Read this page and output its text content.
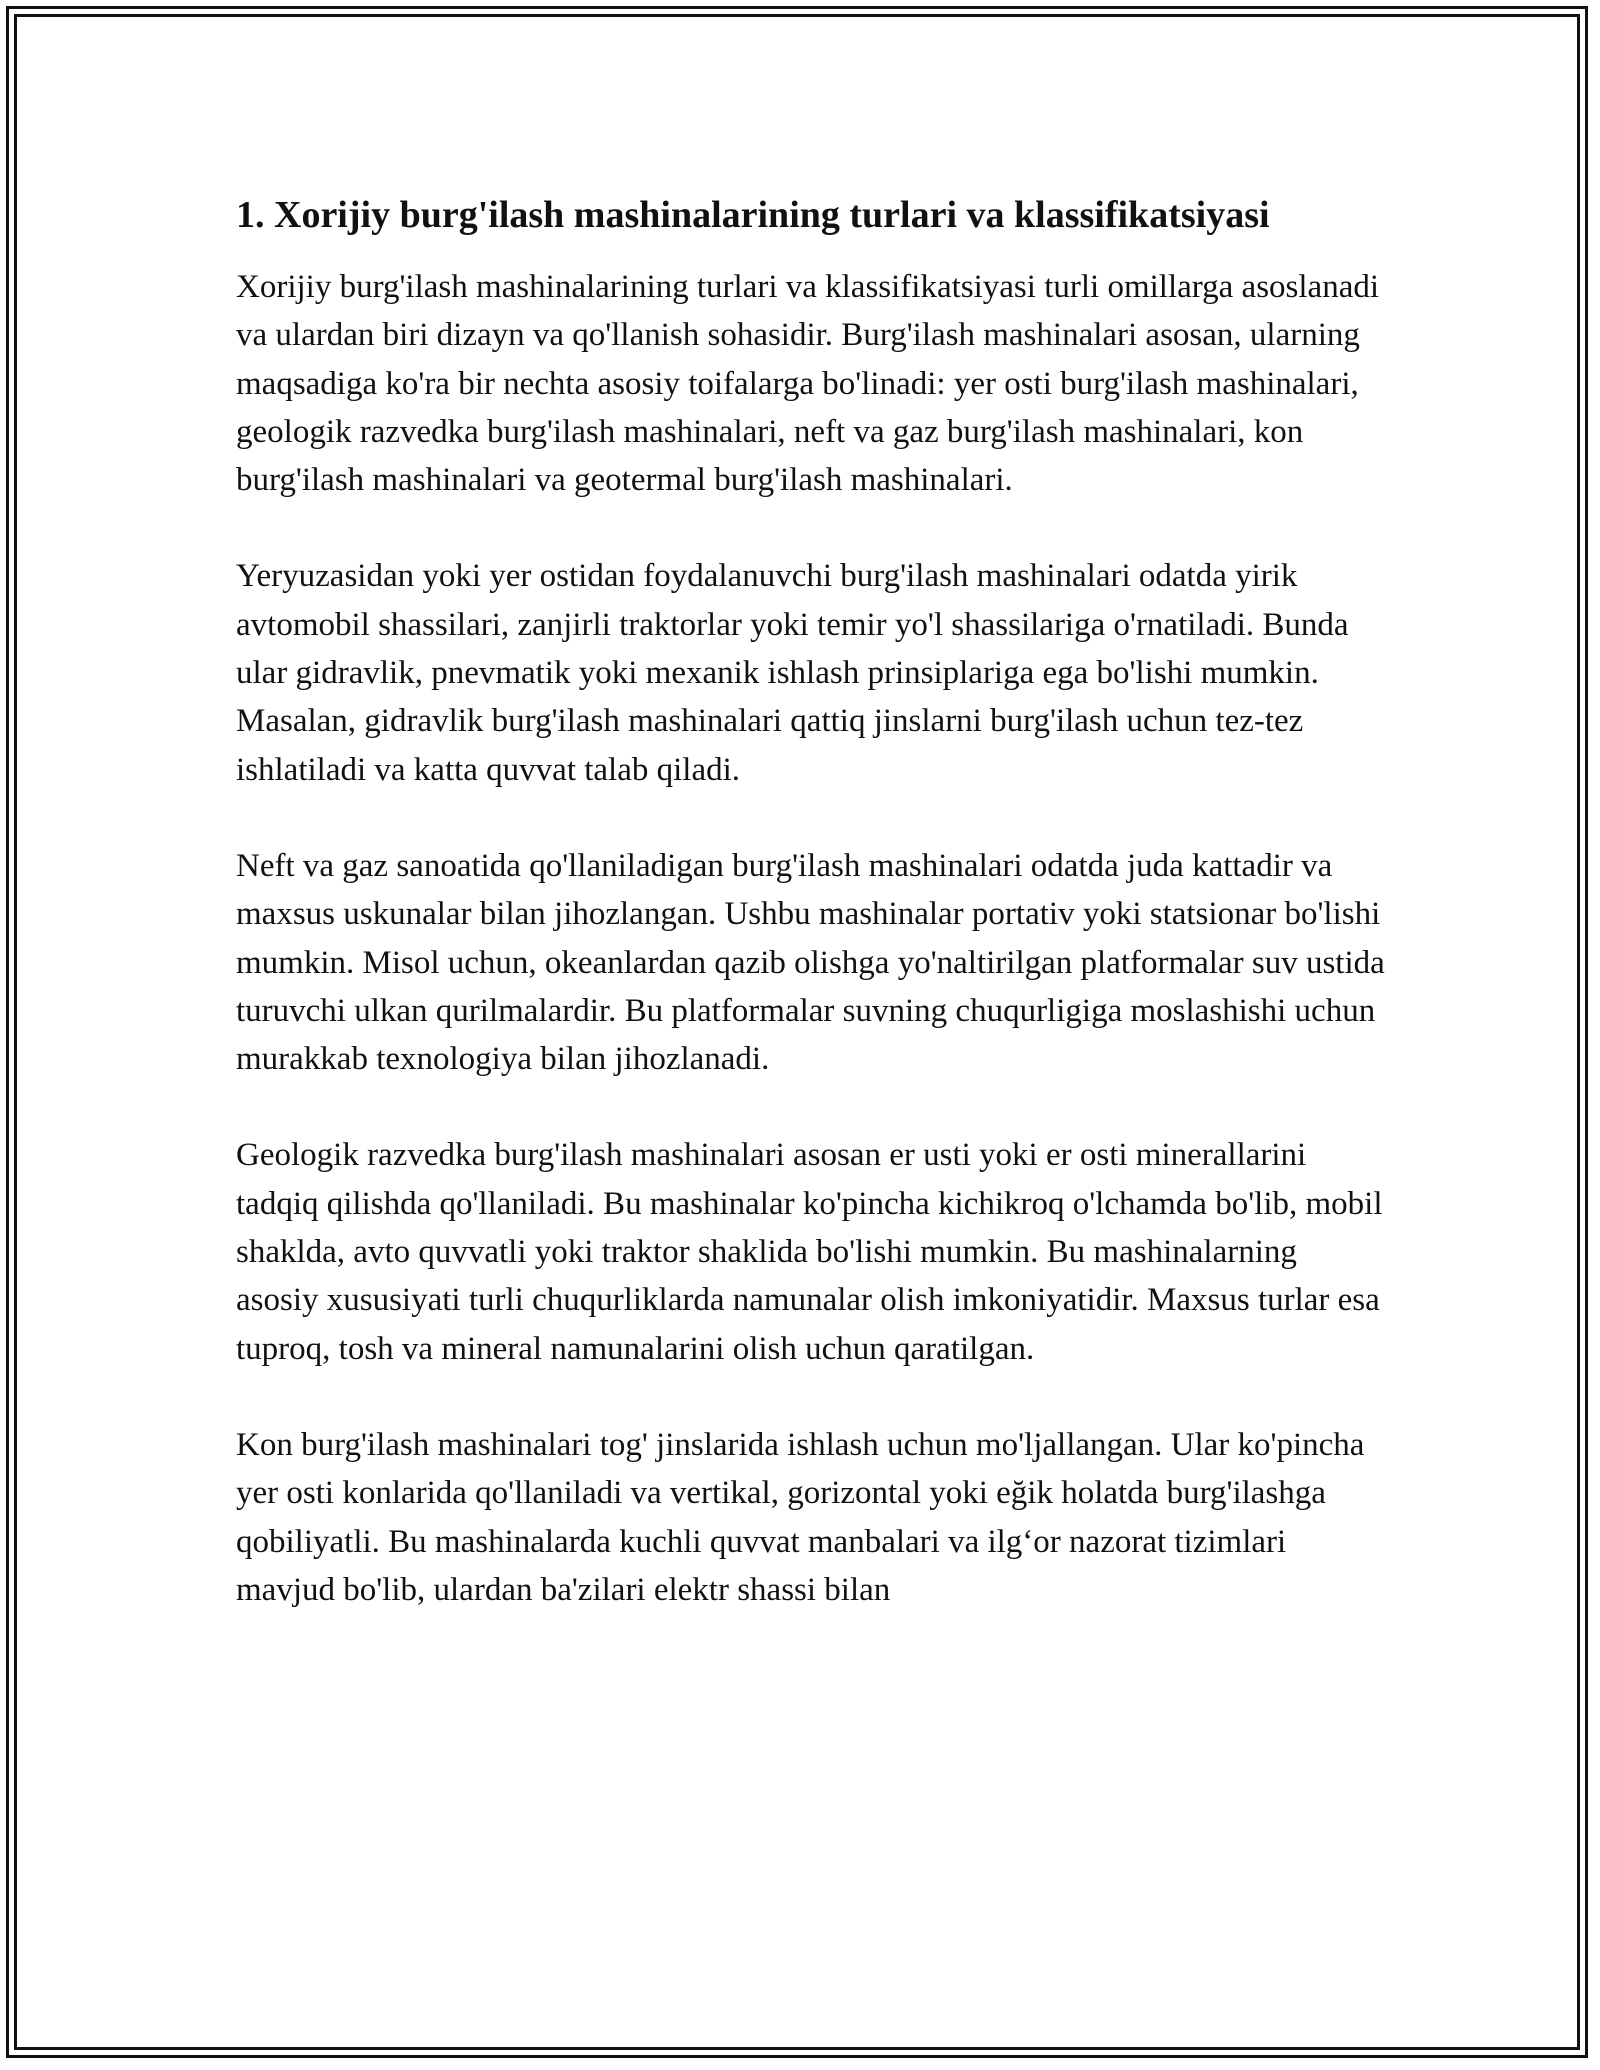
1. Xorijiy burg'ilash mashinalarining turlari va klassifikatsiyasi

Xorijiy burg'ilash mashinalarining turlari va klassifikatsiyasi turli omillarga asoslanadi va ulardan biri dizayn va qo'llanish sohasidir. Burg'ilash mashinalari asosan, ularning maqsadiga ko'ra bir nechta asosiy toifalarga bo'linadi: yer osti burg'ilash mashinalari, geologik razvedka burg'ilash mashinalari, neft va gaz burg'ilash mashinalari, kon burg'ilash mashinalari va geotermal burg'ilash mashinalari.

Yeryuzasidan yoki yer ostidan foydalanuvchi burg'ilash mashinalari odatda yirik avtomobil shassilari, zanjirli traktorlar yoki temir yo'l shassilariga o'rnatiladi. Bunda ular gidravlik, pnevmatik yoki mexanik ishlash prinsiplariga ega bo'lishi mumkin. Masalan, gidravlik burg'ilash mashinalari qattiq jinslarni burg'ilash uchun tez-tez ishlatiladi va katta quvvat talab qiladi.

Neft va gaz sanoatida qo'llaniladigan burg'ilash mashinalari odatda juda kattadir va maxsus uskunalar bilan jihozlangan. Ushbu mashinalar portativ yoki statsionar bo'lishi mumkin. Misol uchun, okeanlardan qazib olishga yo'naltirilgan platformalar suv ustida turuvchi ulkan qurilmalardir. Bu platformalar suvning chuqurligiga moslashishi uchun murakkab texnologiya bilan jihozlanadi.

Geologik razvedka burg'ilash mashinalari asosan er usti yoki er osti minerallarini tadqiq qilishda qo'llaniladi. Bu mashinalar ko'pincha kichikroq o'lchamda bo'lib, mobil shaklda, avto quvvatli yoki traktor shaklida bo'lishi mumkin. Bu mashinalarning asosiy xususiyati turli chuqurliklarda namunalar olish imkoniyatidir. Maxsus turlar esa tuproq, tosh va mineral namunalarini olish uchun qaratilgan.

Kon burg'ilash mashinalari tog' jinslarida ishlash uchun mo'ljallangan. Ular ko'pincha yer osti konlarida qo'llaniladi va vertikal, gorizontal yoki eğik holatda burg'ilashga qobiliyatli. Bu mashinalarda kuchli quvvat manbalari va ilg‘or nazorat tizimlari mavjud bo'lib, ulardan ba'zilari elektr shassi bilan
